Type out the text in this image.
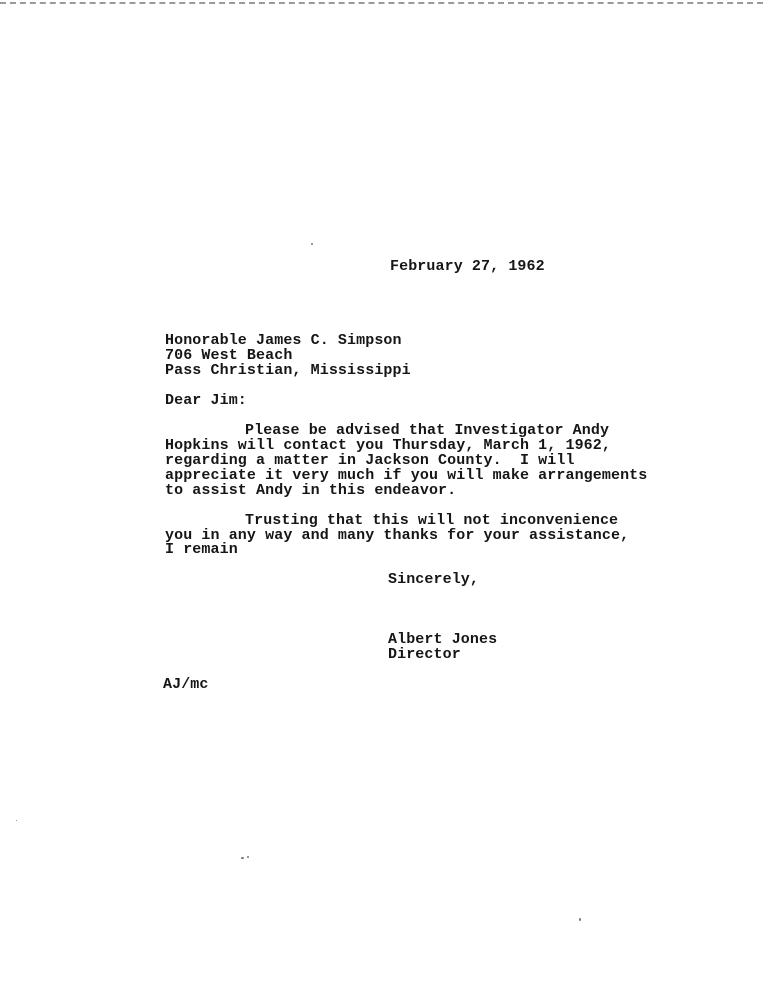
February 27, 1962
Honorable James C. Simpson
706 West Beach
Pass Christian, Mississippi
Dear Jim:
Please be advised that Investigator Andy
Hopkins will contact you Thursday, March 1, 1962,
regarding a matter in Jackson County.  I will
appreciate it very much if you will make arrangements
to assist Andy in this endeavor.
Trusting that this will not inconvenience
you in any way and many thanks for your assistance,
I remain
Sincerely,
Albert Jones
Director
AJ/mc
